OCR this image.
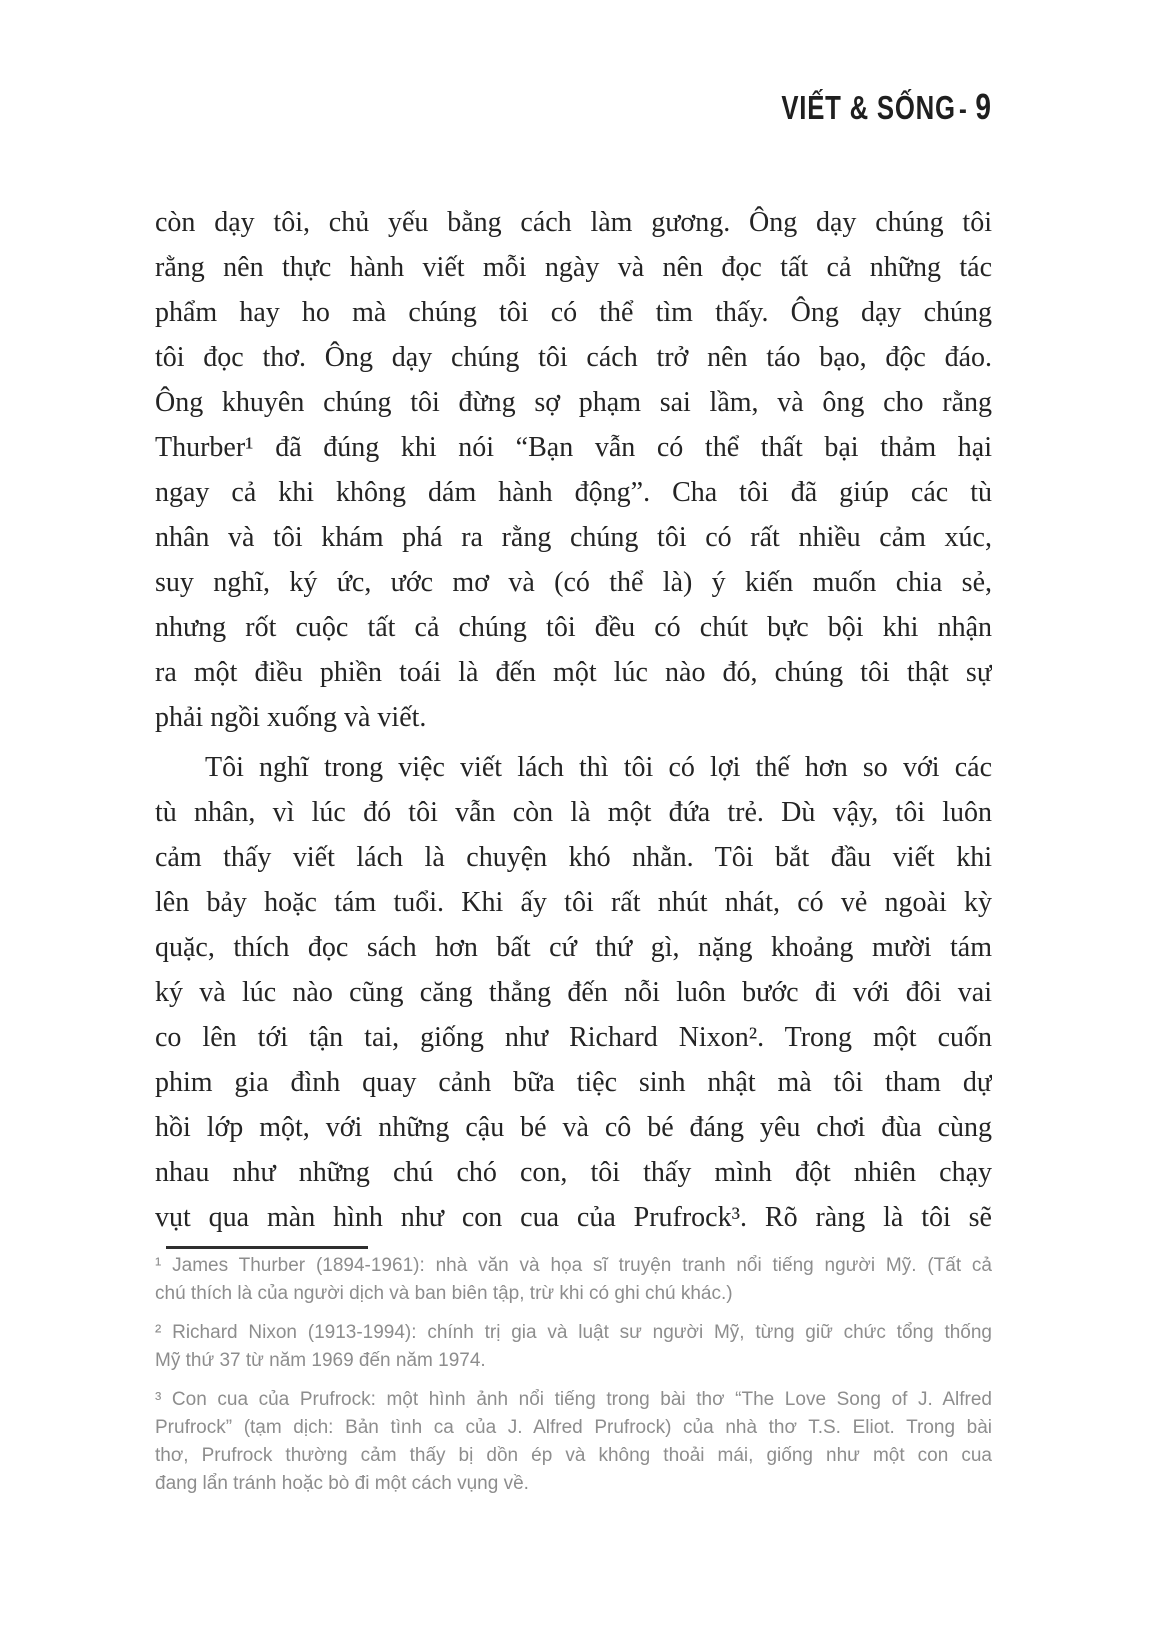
VIẾT & SỐNG - 9
còn dạy tôi, chủ yếu bằng cách làm gương. Ông dạy chúng tôi
rằng nên thực hành viết mỗi ngày và nên đọc tất cả những tác
phẩm hay ho mà chúng tôi có thể tìm thấy. Ông dạy chúng
tôi đọc thơ. Ông dạy chúng tôi cách trở nên táo bạo, độc đáo.
Ông khuyên chúng tôi đừng sợ phạm sai lầm, và ông cho rằng
Thurber¹ đã đúng khi nói “Bạn vẫn có thể thất bại thảm hại
ngay cả khi không dám hành động”. Cha tôi đã giúp các tù
nhân và tôi khám phá ra rằng chúng tôi có rất nhiều cảm xúc,
suy nghĩ, ký ức, ước mơ và (có thể là) ý kiến muốn chia sẻ,
nhưng rốt cuộc tất cả chúng tôi đều có chút bực bội khi nhận
ra một điều phiền toái là đến một lúc nào đó, chúng tôi thật sự
phải ngồi xuống và viết.
Tôi nghĩ trong việc viết lách thì tôi có lợi thế hơn so với các
tù nhân, vì lúc đó tôi vẫn còn là một đứa trẻ. Dù vậy, tôi luôn
cảm thấy viết lách là chuyện khó nhằn. Tôi bắt đầu viết khi
lên bảy hoặc tám tuổi. Khi ấy tôi rất nhút nhát, có vẻ ngoài kỳ
quặc, thích đọc sách hơn bất cứ thứ gì, nặng khoảng mười tám
ký và lúc nào cũng căng thẳng đến nỗi luôn bước đi với đôi vai
co lên tới tận tai, giống như Richard Nixon². Trong một cuốn
phim gia đình quay cảnh bữa tiệc sinh nhật mà tôi tham dự
hồi lớp một, với những cậu bé và cô bé đáng yêu chơi đùa cùng
nhau như những chú chó con, tôi thấy mình đột nhiên chạy
vụt qua màn hình như con cua của Prufrock³. Rõ ràng là tôi sẽ
¹ James Thurber (1894-1961): nhà văn và họa sĩ truyện tranh nổi tiếng người Mỹ. (Tất cả
chú thích là của người dịch và ban biên tập, trừ khi có ghi chú khác.)
² Richard Nixon (1913-1994): chính trị gia và luật sư người Mỹ, từng giữ chức tổng thống
Mỹ thứ 37 từ năm 1969 đến năm 1974.
³ Con cua của Prufrock: một hình ảnh nổi tiếng trong bài thơ “The Love Song of J. Alfred
Prufrock” (tạm dịch: Bản tình ca của J. Alfred Prufrock) của nhà thơ T.S. Eliot. Trong bài
thơ, Prufrock thường cảm thấy bị dồn ép và không thoải mái, giống như một con cua
đang lẩn tránh hoặc bò đi một cách vụng về.
